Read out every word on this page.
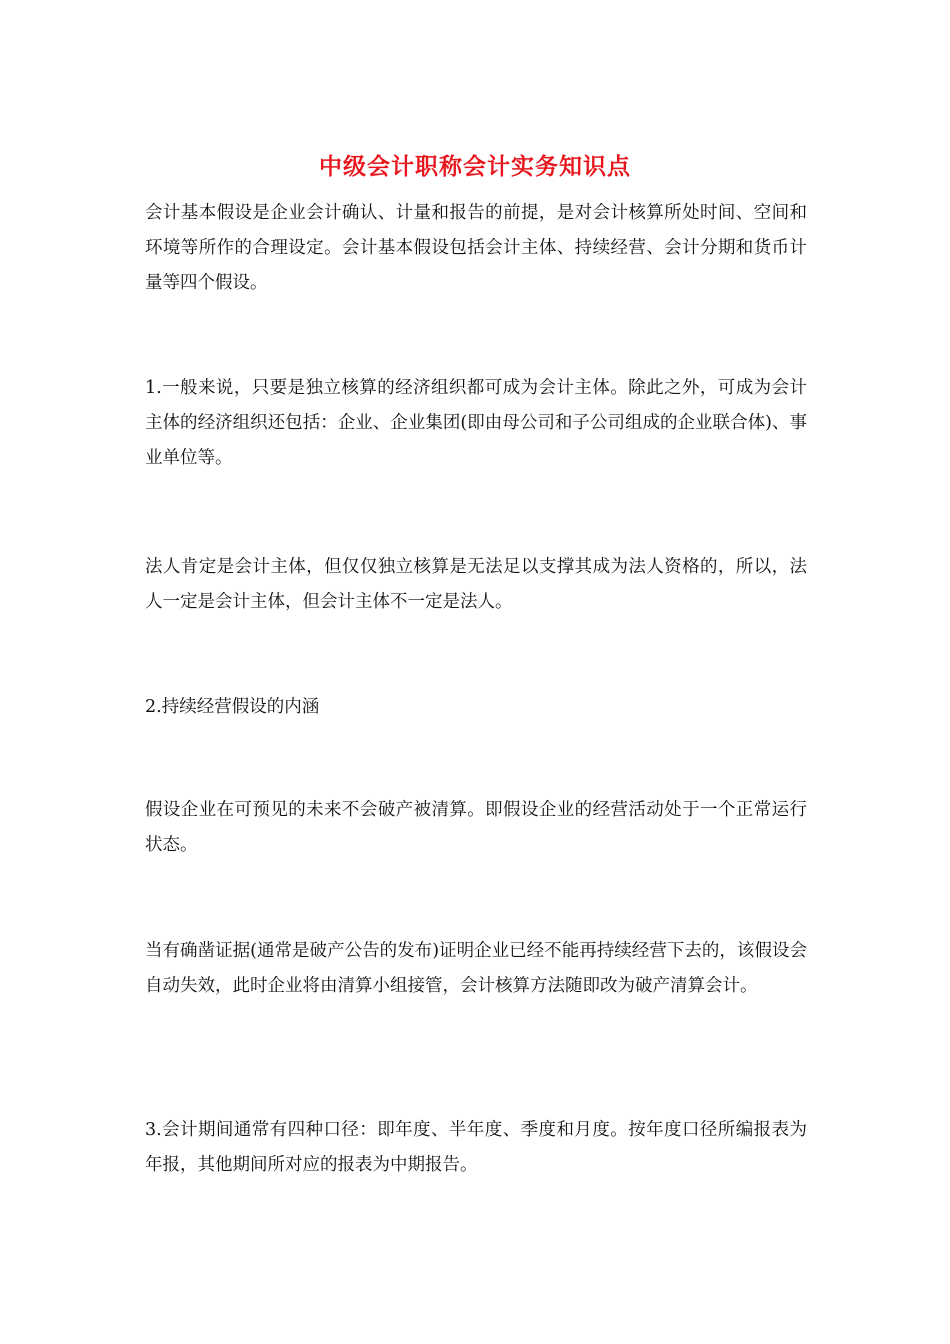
中级会计职称会计实务知识点

会计基本假设是企业会计确认、计量和报告的前提，是对会计核算所处时间、空间和环境等所作的合理设定。会计基本假设包括会计主体、持续经营、会计分期和货币计量等四个假设。

1.一般来说，只要是独立核算的经济组织都可成为会计主体。除此之外，可成为会计主体的经济组织还包括：企业、企业集团(即由母公司和子公司组成的企业联合体)、事业单位等。

法人肯定是会计主体，但仅仅独立核算是无法足以支撑其成为法人资格的，所以，法人一定是会计主体，但会计主体不一定是法人。

2.持续经营假设的内涵

假设企业在可预见的未来不会破产被清算。即假设企业的经营活动处于一个正常运行状态。

当有确凿证据(通常是破产公告的发布)证明企业已经不能再持续经营下去的，该假设会自动失效，此时企业将由清算小组接管，会计核算方法随即改为破产清算会计。

3.会计期间通常有四种口径：即年度、半年度、季度和月度。按年度口径所编报表为年报，其他期间所对应的报表为中期报告。
